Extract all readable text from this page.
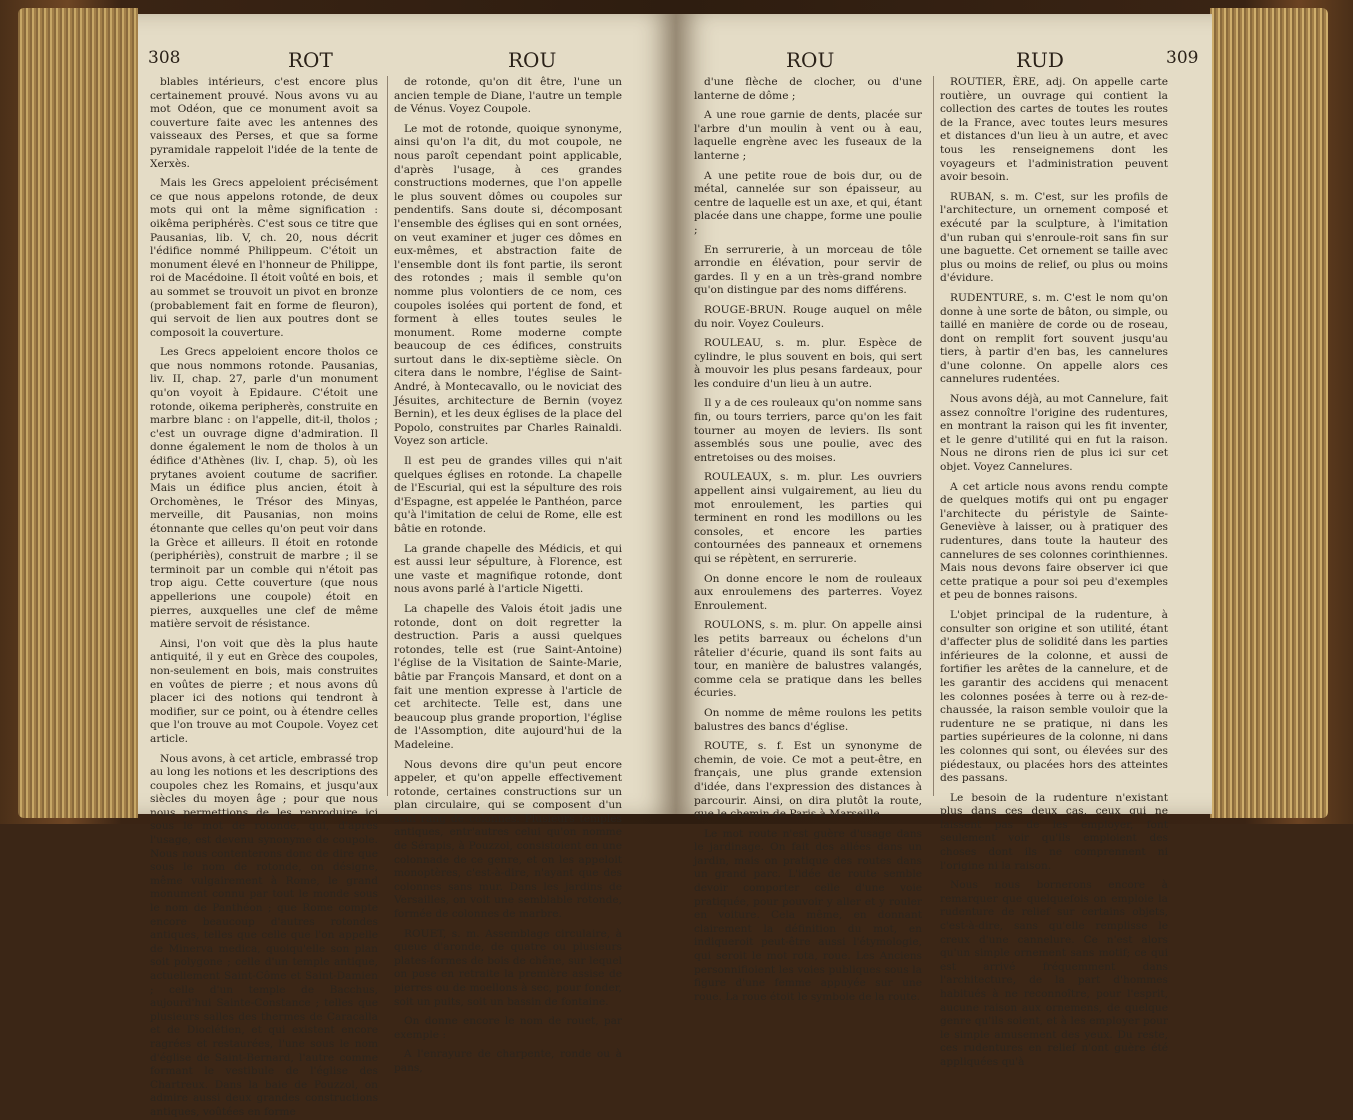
308	ROT	ROU

blables intérieurs, c'est encore plus certainement prouvé. Nous avons vu au mot Odéon, que ce monument avoit sa couverture faite avec les antennes des vaisseaux des Perses, et que sa forme pyramidale rappeloit l'idée de la tente de Xerxès.

Mais les Grecs appeloient précisément ce que nous appelons rotonde, de deux mots qui ont la même signification : oikêma periphérès. C'est sous ce titre que Pausanias, lib. V, ch. 20, nous décrit l'édifice nommé Philippeum. C'étoit un monument élevé en l'honneur de Philippe, roi de Macédoine. Il étoit voûté en bois, et au sommet se trouvoit un pivot en bronze (probablement fait en forme de fleuron), qui servoit de lien aux poutres dont se composoit la couverture.

Les Grecs appeloient encore tholos ce que nous nommons rotonde. Pausanias, liv. II, chap. 27, parle d'un monument qu'on voyoit à Epidaure. C'étoit une rotonde, oikema peripherès, construite en marbre blanc : on l'appelle, dit-il, tholos ; c'est un ouvrage digne d'admiration. Il donne également le nom de tholos à un édifice d'Athènes (liv. I, chap. 5), où les prytanes avoient coutume de sacrifier. Mais un édifice plus ancien, étoit à Orchomènes, le Trésor des Minyas, merveille, dit Pausanias, non moins étonnante que celles qu'on peut voir dans la Grèce et ailleurs. Il étoit en rotonde (periphériès), construit de marbre ; il se terminoit par un comble qui n'étoit pas trop aigu. Cette couverture (que nous appellerions une coupole) étoit en pierres, auxquelles une clef de même matière servoit de résistance.

Ainsi, l'on voit que dès la plus haute antiquité, il y eut en Grèce des coupoles, non-seulement en bois, mais construites en voûtes de pierre ; et nous avons dû placer ici des notions qui tendront à modifier, sur ce point, ou à étendre celles que l'on trouve au mot Coupole. Voyez cet article.

Nous avons, à cet article, embrassé trop au long les notions et les descriptions des coupoles chez les Romains, et jusqu'aux siècles du moyen âge ; pour que nous nous permettions de les reproduire ici sous le mot de rotonde, qui, d'après l'usage, est devenu synonyme de coupole. Nous nous contenterons donc de dire que sous le nom de rotonde, on désigne, même vulgairement à Rome, le grand monument connu par tout le monde sous le nom de Panthéon ; que Rome compte encore beaucoup d'autres rotondes antiques, telles que celle que l'on appelle de Minerva medica, quoiqu'elle son plan soit polygone ; celle d'un temple antique, actuellement Saint-Côme et Saint-Damien ; celle d'un temple de Bacchus, aujourd'hui Sainte-Constance ; telles que plusieurs salles des thermes de Caracalla et de Dioclétien, et qui existent encore ragrées et restaurées, l'une sous le nom d'église de Saint-Bernard, l'autre comme formant le vestibule de l'église des Chartreux. Dans la baie de Pouzzol, on admire aussi deux grandes constructions antiques, voûtées en forme

de rotonde, qu'on dit être, l'une un ancien temple de Diane, l'autre un temple de Vénus. Voyez Coupole.

Le mot de rotonde, quoique synonyme, ainsi qu'on l'a dit, du mot coupole, ne nous paroît cependant point applicable, d'après l'usage, à ces grandes constructions modernes, que l'on appelle le plus souvent dômes ou coupoles sur pendentifs. Sans doute si, décomposant l'ensemble des églises qui en sont ornées, on veut examiner et juger ces dômes en eux-mêmes, et abstraction faite de l'ensemble dont ils font partie, ils seront des rotondes ; mais il semble qu'on nomme plus volontiers de ce nom, ces coupoles isolées qui portent de fond, et forment à elles toutes seules le monument. Rome moderne compte beaucoup de ces édifices, construits surtout dans le dix-septième siècle. On citera dans le nombre, l'église de Saint-André, à Montecavallo, ou le noviciat des Jésuites, architecture de Bernin (voyez Bernin), et les deux églises de la place del Popolo, construites par Charles Rainaldi. Voyez son article.

Il est peu de grandes villes qui n'ait quelques églises en rotonde. La chapelle de l'Escurial, qui est la sépulture des rois d'Espagne, est appelée le Panthéon, parce qu'à l'imitation de celui de Rome, elle est bâtie en rotonde.

La grande chapelle des Médicis, et qui est aussi leur sépulture, à Florence, est une vaste et magnifique rotonde, dont nous avons parlé à l'article Nigetti.

La chapelle des Valois étoit jadis une rotonde, dont on doit regretter la destruction. Paris a aussi quelques rotondes, telle est (rue Saint-Antoine) l'église de la Visitation de Sainte-Marie, bâtie par François Mansard, et dont on a fait une mention expresse à l'article de cet architecte. Telle est, dans une beaucoup plus grande proportion, l'église de l'Assomption, dite aujourd'hui de la Madeleine.

Nous devons dire qu'un peut encore appeler, et qu'on appelle effectivement rotonde, certaines constructions sur un plan circulaire, qui se composent d'un seul rang de colonnes. Plusieurs temples antiques, entr'autres celui qu'on nomme de Sérapis, à Pouzzol, consistoient en une colonnade de ce genre, et on les appeloit monoptères, c'est-à-dire, n'ayant que des colonnes sans mur. Dans les jardins de Versailles, on voit une semblable rotonde, formée de colonnes de marbre.

ROUET, s. m. Assemblage circulaire, à queue d'aronde, de quatre ou plusieurs plates-formes de bois de chêne, sur lequel on pose en retraite la première assise de pierres ou de moellons à sec, pour fonder, soit un puits, soit un bassin de fontaine.

On donne encore le nom de rouet, par exemple :

A l'enrayure de charpente, ronde ou à pans,

ROU	RUD	309

d'une flèche de clocher, ou d'une lanterne de dôme ;

A une roue garnie de dents, placée sur l'arbre d'un moulin à vent ou à eau, laquelle engrène avec les fuseaux de la lanterne ;

A une petite roue de bois dur, ou de métal, cannelée sur son épaisseur, au centre de laquelle est un axe, et qui, étant placée dans une chappe, forme une poulie ;

En serrurerie, à un morceau de tôle arrondie en élévation, pour servir de gardes. Il y en a un très-grand nombre qu'on distingue par des noms différens.

ROUGE-BRUN. Rouge auquel on mêle du noir. Voyez Couleurs.

ROULEAU, s. m. plur. Espèce de cylindre, le plus souvent en bois, qui sert à mouvoir les plus pesans fardeaux, pour les conduire d'un lieu à un autre.

Il y a de ces rouleaux qu'on nomme sans fin, ou tours terriers, parce qu'on les fait tourner au moyen de leviers. Ils sont assemblés sous une poulie, avec des entretoises ou des moises.

ROULEAUX, s. m. plur. Les ouvriers appellent ainsi vulgairement, au lieu du mot enroulement, les parties qui terminent en rond les modillons ou les consoles, et encore les parties contournées des panneaux et ornemens qui se répètent, en serrurerie.

On donne encore le nom de rouleaux aux enroulemens des parterres. Voyez Enroulement.

ROULONS, s. m. plur. On appelle ainsi les petits barreaux ou échelons d'un râtelier d'écurie, quand ils sont faits au tour, en manière de balustres valangés, comme cela se pratique dans les belles écuries.

On nomme de même roulons les petits balustres des bancs d'église.

ROUTE, s. f. Est un synonyme de chemin, de voie. Ce mot a peut-être, en français, une plus grande extension d'idée, dans l'expression des distances à parcourir. Ainsi, on dira plutôt la route, que le chemin de Paris à Marseille.

Le mot route n'est guère d'usage dans le jardinage. On fait des allées dans un jardin, mais on pratique des routes dans un grand parc. L'idée de route semble devoir comporter celle d'une voie pratiquée, pour pouvoir y aller et y rouler en voiture. Cela même, en donnant clairement la définition du mot, en indiqueroit peut-être aussi l'étymologie, qui seroit le mot rota, roue. Les Anciens personnifioient les voies publiques sous la figure d'une femme appuyée sur une roue. La roue étoit le symbole de la route.

ROUTIER, ÈRE, adj. On appelle carte routière, un ouvrage qui contient la collection des cartes de toutes les routes de la France, avec toutes leurs mesures et distances d'un lieu à un autre, et avec tous les renseignemens dont les voyageurs et l'administration peuvent avoir besoin.

RUBAN, s. m. C'est, sur les profils de l'architecture, un ornement composé et exécuté par la sculpture, à l'imitation d'un ruban qui s'enroule-roit sans fin sur une baguette. Cet ornement se taille avec plus ou moins de relief, ou plus ou moins d'évidure.

RUDENTURE, s. m. C'est le nom qu'on donne à une sorte de bâton, ou simple, ou taillé en manière de corde ou de roseau, dont on remplit fort souvent jusqu'au tiers, à partir d'en bas, les cannelures d'une colonne. On appelle alors ces cannelures rudentées.

Nous avons déjà, au mot Cannelure, fait assez connoître l'origine des rudentures, en montrant la raison qui les fit inventer, et le genre d'utilité qui en fut la raison. Nous ne dirons rien de plus ici sur cet objet. Voyez Cannelures.

A cet article nous avons rendu compte de quelques motifs qui ont pu engager l'architecte du péristyle de Sainte-Geneviève à laisser, ou à pratiquer des rudentures, dans toute la hauteur des cannelures de ses colonnes corinthiennes. Mais nous devons faire observer ici que cette pratique a pour soi peu d'exemples et peu de bonnes raisons.

L'objet principal de la rudenture, à consulter son origine et son utilité, étant d'affecter plus de solidité dans les parties inférieures de la colonne, et aussi de fortifier les arêtes de la cannelure, et de les garantir des accidens qui menacent les colonnes posées à terre ou à rez-de-chaussée, la raison semble vouloir que la rudenture ne se pratique, ni dans les parties supérieures de la colonne, ni dans les colonnes qui sont, ou élevées sur des piédestaux, ou placées hors des atteintes des passans.

Le besoin de la rudenture n'existant plus dans ces deux cas, ceux qui ne laissent pas de les employer, font seulement voir qu'ils emploient des choses dont ils ne comprennent ni l'origine ni la raison.

Nous nous bornerons encore à remarquer que quelquefois on emploie la rudenture de relief sur certains objets, c'est-à-dire, sans qu'elle remplisse le creux d'une cannelure. Ce n'est alors qu'un simple ornement sans motif; ce qui est arrivé fréquemment dans l'architecture, de la part d'hommes habitués à ne reconnoître, pour l'esprit, aucune raison aux ornemens, de quelque genre qu'ils soient, et à les employer pour le simple amusement des yeux. Du reste, ces rudentures en relief n'ont guère été appliquées qu'à
